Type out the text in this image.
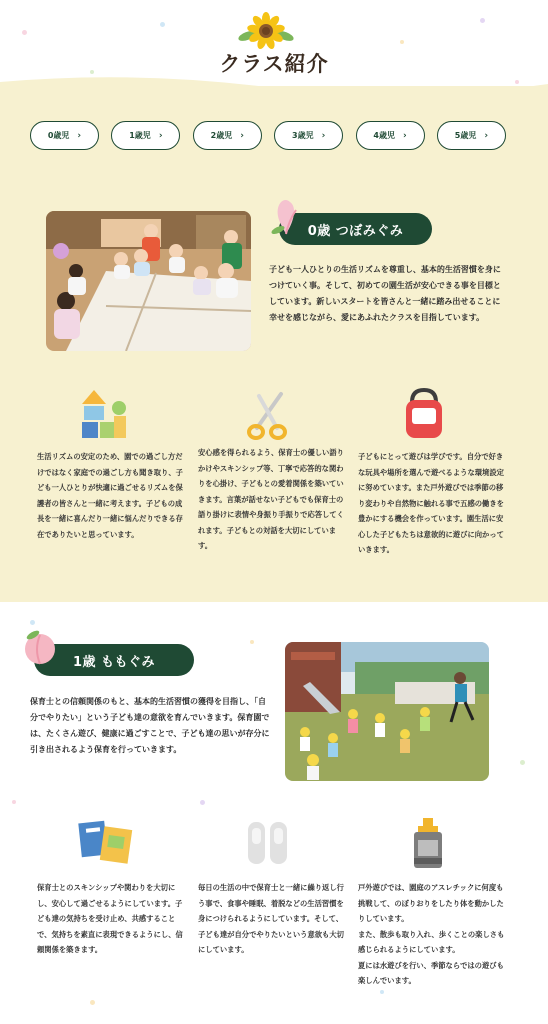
クラス紹介
0歳児 ›	1歳児 ›	2歳児 ›	3歳児 ›	4歳児 ›	5歳児 ›
0歳 つぼみぐみ
子ども一人ひとりの生活リズムを尊重し、基本的生活習慣を身につけていく事。そして、初めての園生活が安心できる事を目標としています。新しいスタートを皆さんと一緒に踏み出せることに幸せを感じながら、愛にあふれたクラスを目指しています。
生活リズムの安定のため、園での過ごし方だけではなく家庭での過ごし方も聞き取り、子ども一人ひとりが快適に過ごせるリズムを保護者の皆さんと一緒に考えます。子どもの成長を一緒に喜んだり一緒に悩んだりできる存在でありたいと思っています。
安心感を得られるよう、保育士の優しい語りかけやスキンシップ等、丁寧で応答的な関わりを心掛け、子どもとの愛着関係を築いていきます。言葉が話せない子どもでも保育士の語り掛けに表情や身振り手振りで応答してくれます。子どもとの対話を大切にしています。
子どもにとって遊びは学びです。自分で好きな玩具や場所を選んで遊べるような環境設定に努めています。また戸外遊びでは季節の移り変わりや自然物に触れる事で五感の働きを豊かにする機会を作っています。園生活に安心した子どもたちは意欲的に遊びに向かっていきます。
1歳 ももぐみ
保育士との信頼関係のもと、基本的生活習慣の獲得を目指し、「自分でやりたい」という子ども達の意欲を育んでいきます。保育園では、たくさん遊び、健康に過ごすことで、子ども達の思いが存分に引き出されるよう保育を行っていきます。
保育士とのスキンシップや関わりを大切にし、安心して過ごせるようにしています。子ども達の気持ちを受け止め、共感することで、気持ちを素直に表現できるようにし、信頼関係を築きます。
毎日の生活の中で保育士と一緒に繰り返し行う事で、食事や睡眠、着脱などの生活習慣を身につけられるようにしています。そして、子ども達が自分でやりたいという意欲も大切にしています。
戸外遊びでは、園庭のアスレチックに何度も挑戦して、のぼりおりをしたり体を動かしたりしています。
また、散歩も取り入れ、歩くことの楽しさも感じられるようにしています。
夏には水遊びを行い、季節ならではの遊びも楽しんでいます。
